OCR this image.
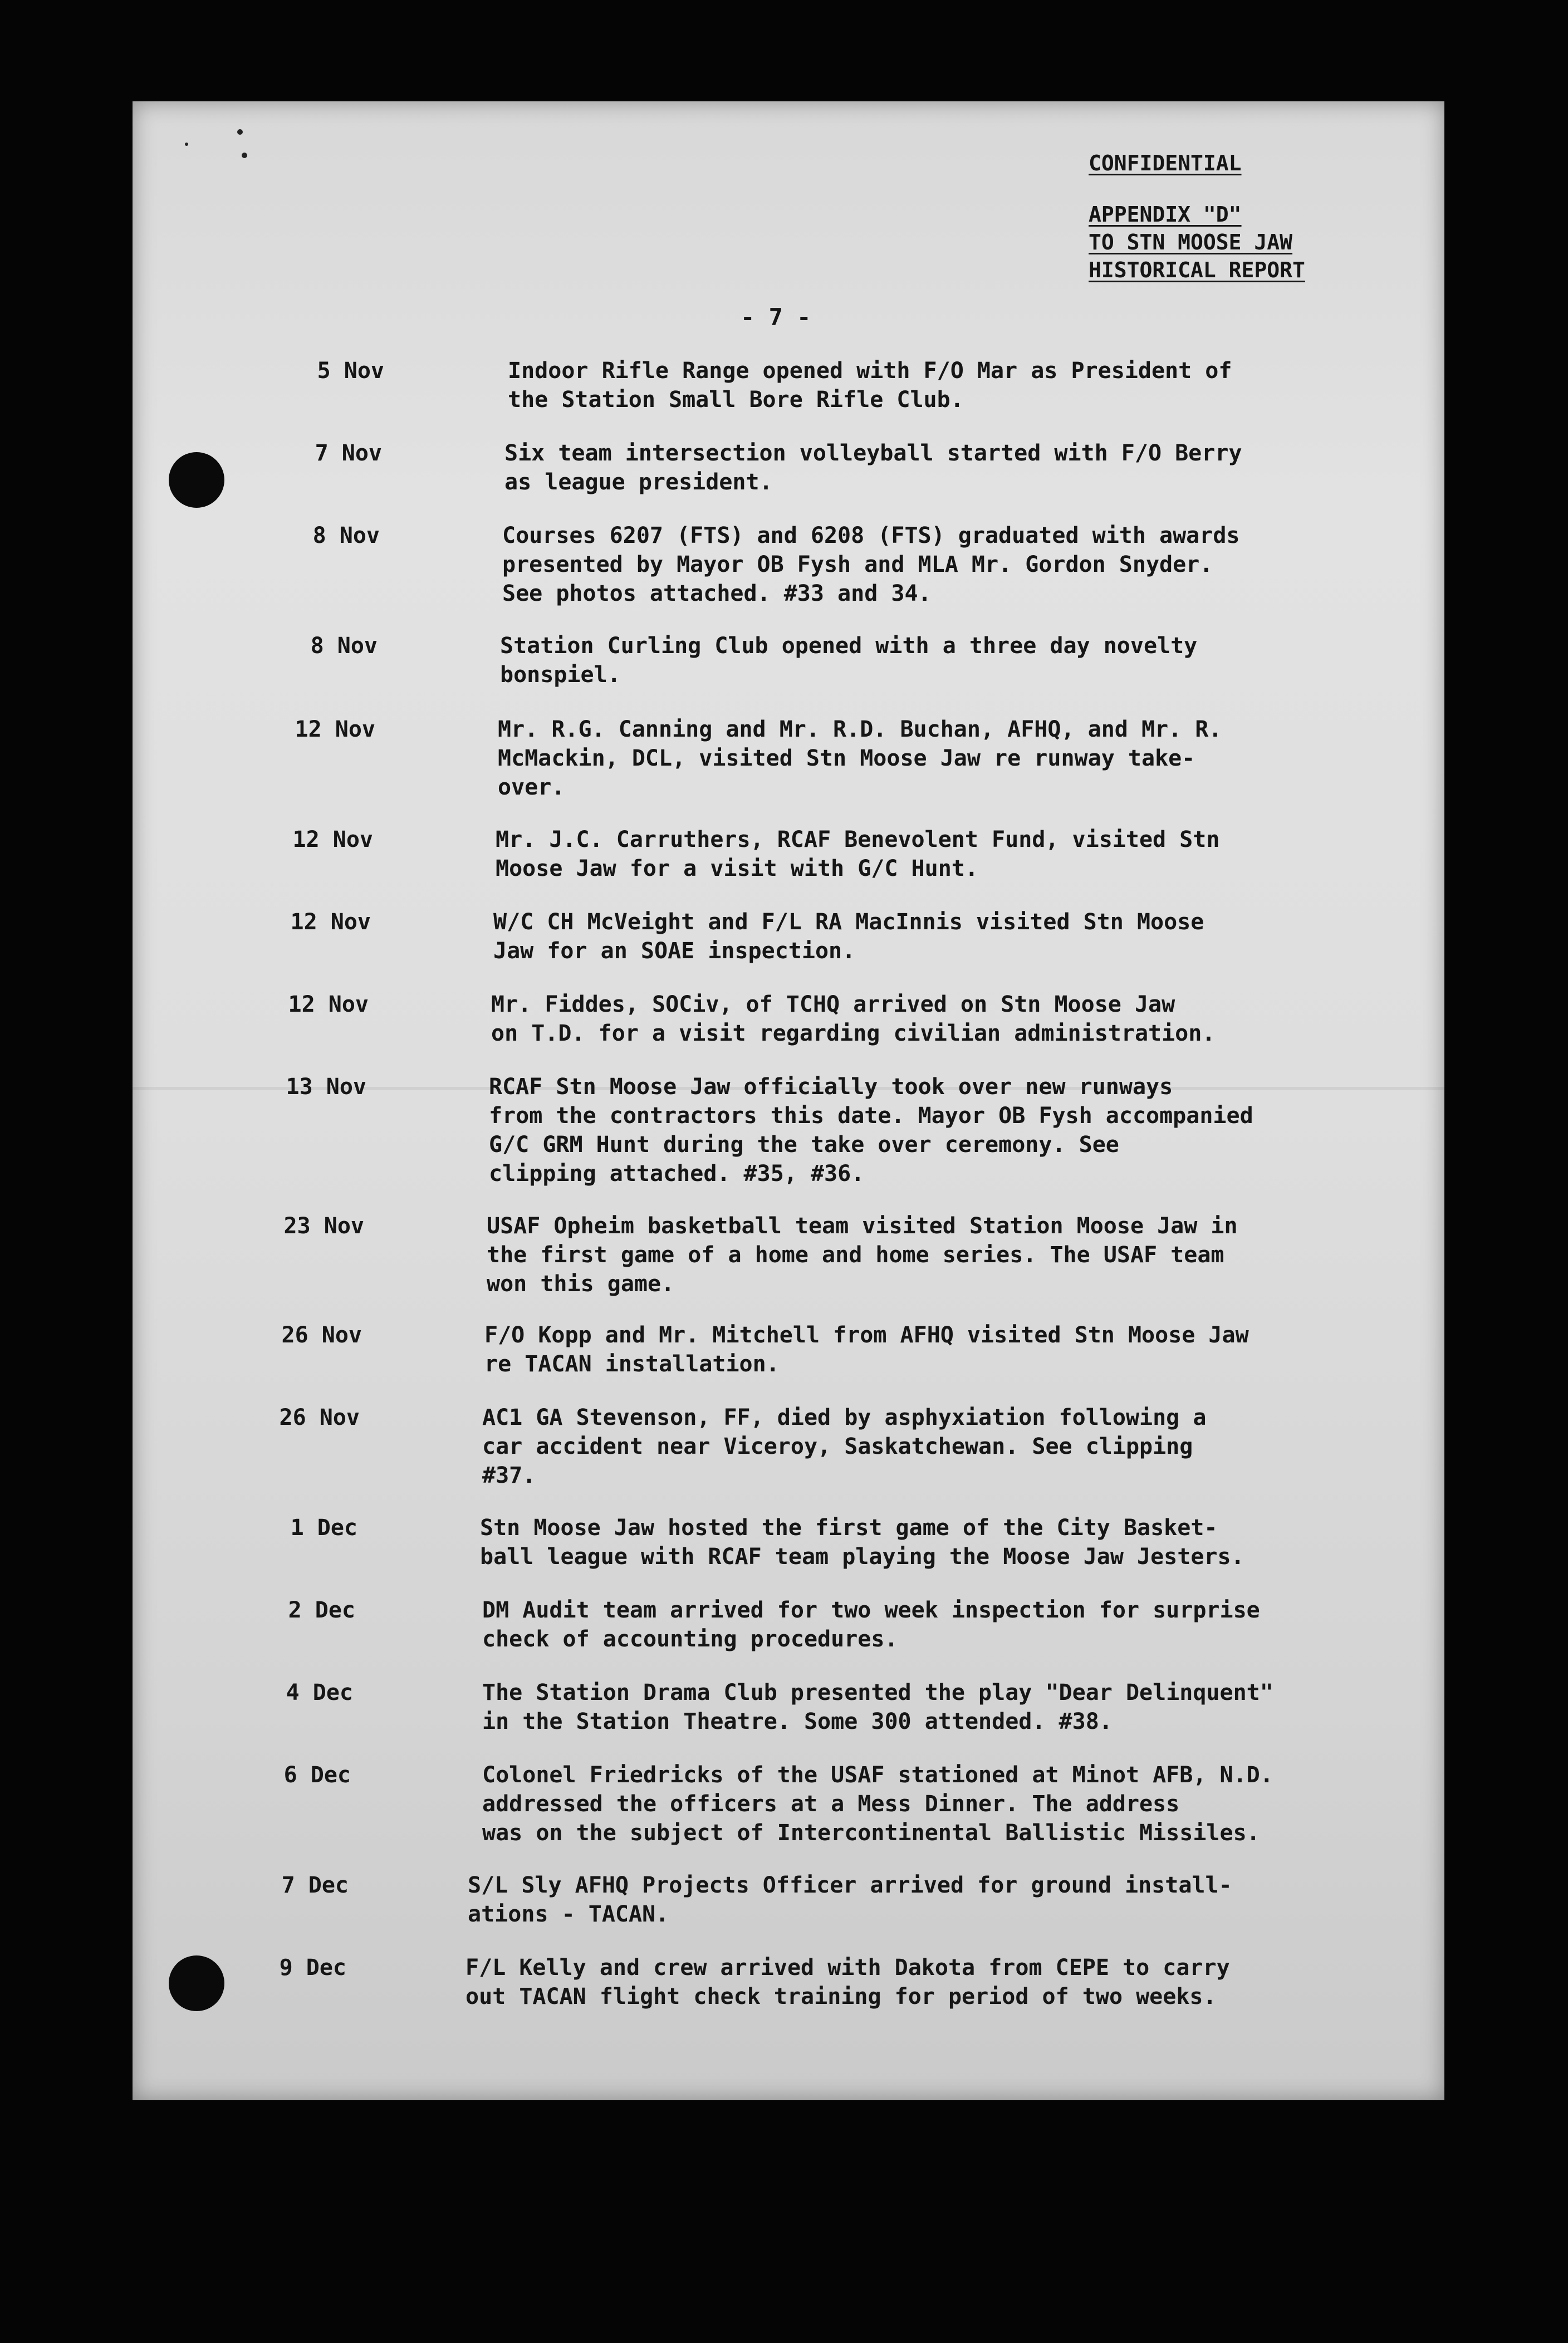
CONFIDENTIAL
APPENDIX "D"
TO STN MOOSE JAW
HISTORICAL REPORT
- 7 -
5 Nov	Indoor Rifle Range opened with F/O Mar as President of
the Station Small Bore Rifle Club.
7 Nov	Six team intersection volleyball started with F/O Berry
as league president.
8 Nov	Courses 6207 (FTS) and 6208 (FTS) graduated with awards
presented by Mayor OB Fysh and MLA Mr. Gordon Snyder.
See photos attached. #33 and 34.
8 Nov	Station Curling Club opened with a three day novelty
bonspiel.
12 Nov	Mr. R.G. Canning and Mr. R.D. Buchan, AFHQ, and Mr. R.
McMackin, DCL, visited Stn Moose Jaw re runway take-
over.
12 Nov	Mr. J.C. Carruthers, RCAF Benevolent Fund, visited Stn
Moose Jaw for a visit with G/C Hunt.
12 Nov	W/C CH McVeight and F/L RA MacInnis visited Stn Moose
Jaw for an SOAE inspection.
12 Nov	Mr. Fiddes, SOCiv, of TCHQ arrived on Stn Moose Jaw
on T.D. for a visit regarding civilian administration.
13 Nov	RCAF Stn Moose Jaw officially took over new runways
from the contractors this date. Mayor OB Fysh accompanied
G/C GRM Hunt during the take over ceremony. See
clipping attached. #35, #36.
23 Nov	USAF Opheim basketball team visited Station Moose Jaw in
the first game of a home and home series. The USAF team
won this game.
26 Nov	F/O Kopp and Mr. Mitchell from AFHQ visited Stn Moose Jaw
re TACAN installation.
26 Nov	AC1 GA Stevenson, FF, died by asphyxiation following a
car accident near Viceroy, Saskatchewan. See clipping
#37.
1 Dec	Stn Moose Jaw hosted the first game of the City Basket-
ball league with RCAF team playing the Moose Jaw Jesters.
2 Dec	DM Audit team arrived for two week inspection for surprise
check of accounting procedures.
4 Dec	The Station Drama Club presented the play "Dear Delinquent"
in the Station Theatre. Some 300 attended. #38.
6 Dec	Colonel Friedricks of the USAF stationed at Minot AFB, N.D.
addressed the officers at a Mess Dinner. The address
was on the subject of Intercontinental Ballistic Missiles.
7 Dec	S/L Sly AFHQ Projects Officer arrived for ground install-
ations - TACAN.
9 Dec	F/L Kelly and crew arrived with Dakota from CEPE to carry
out TACAN flight check training for period of two weeks.
